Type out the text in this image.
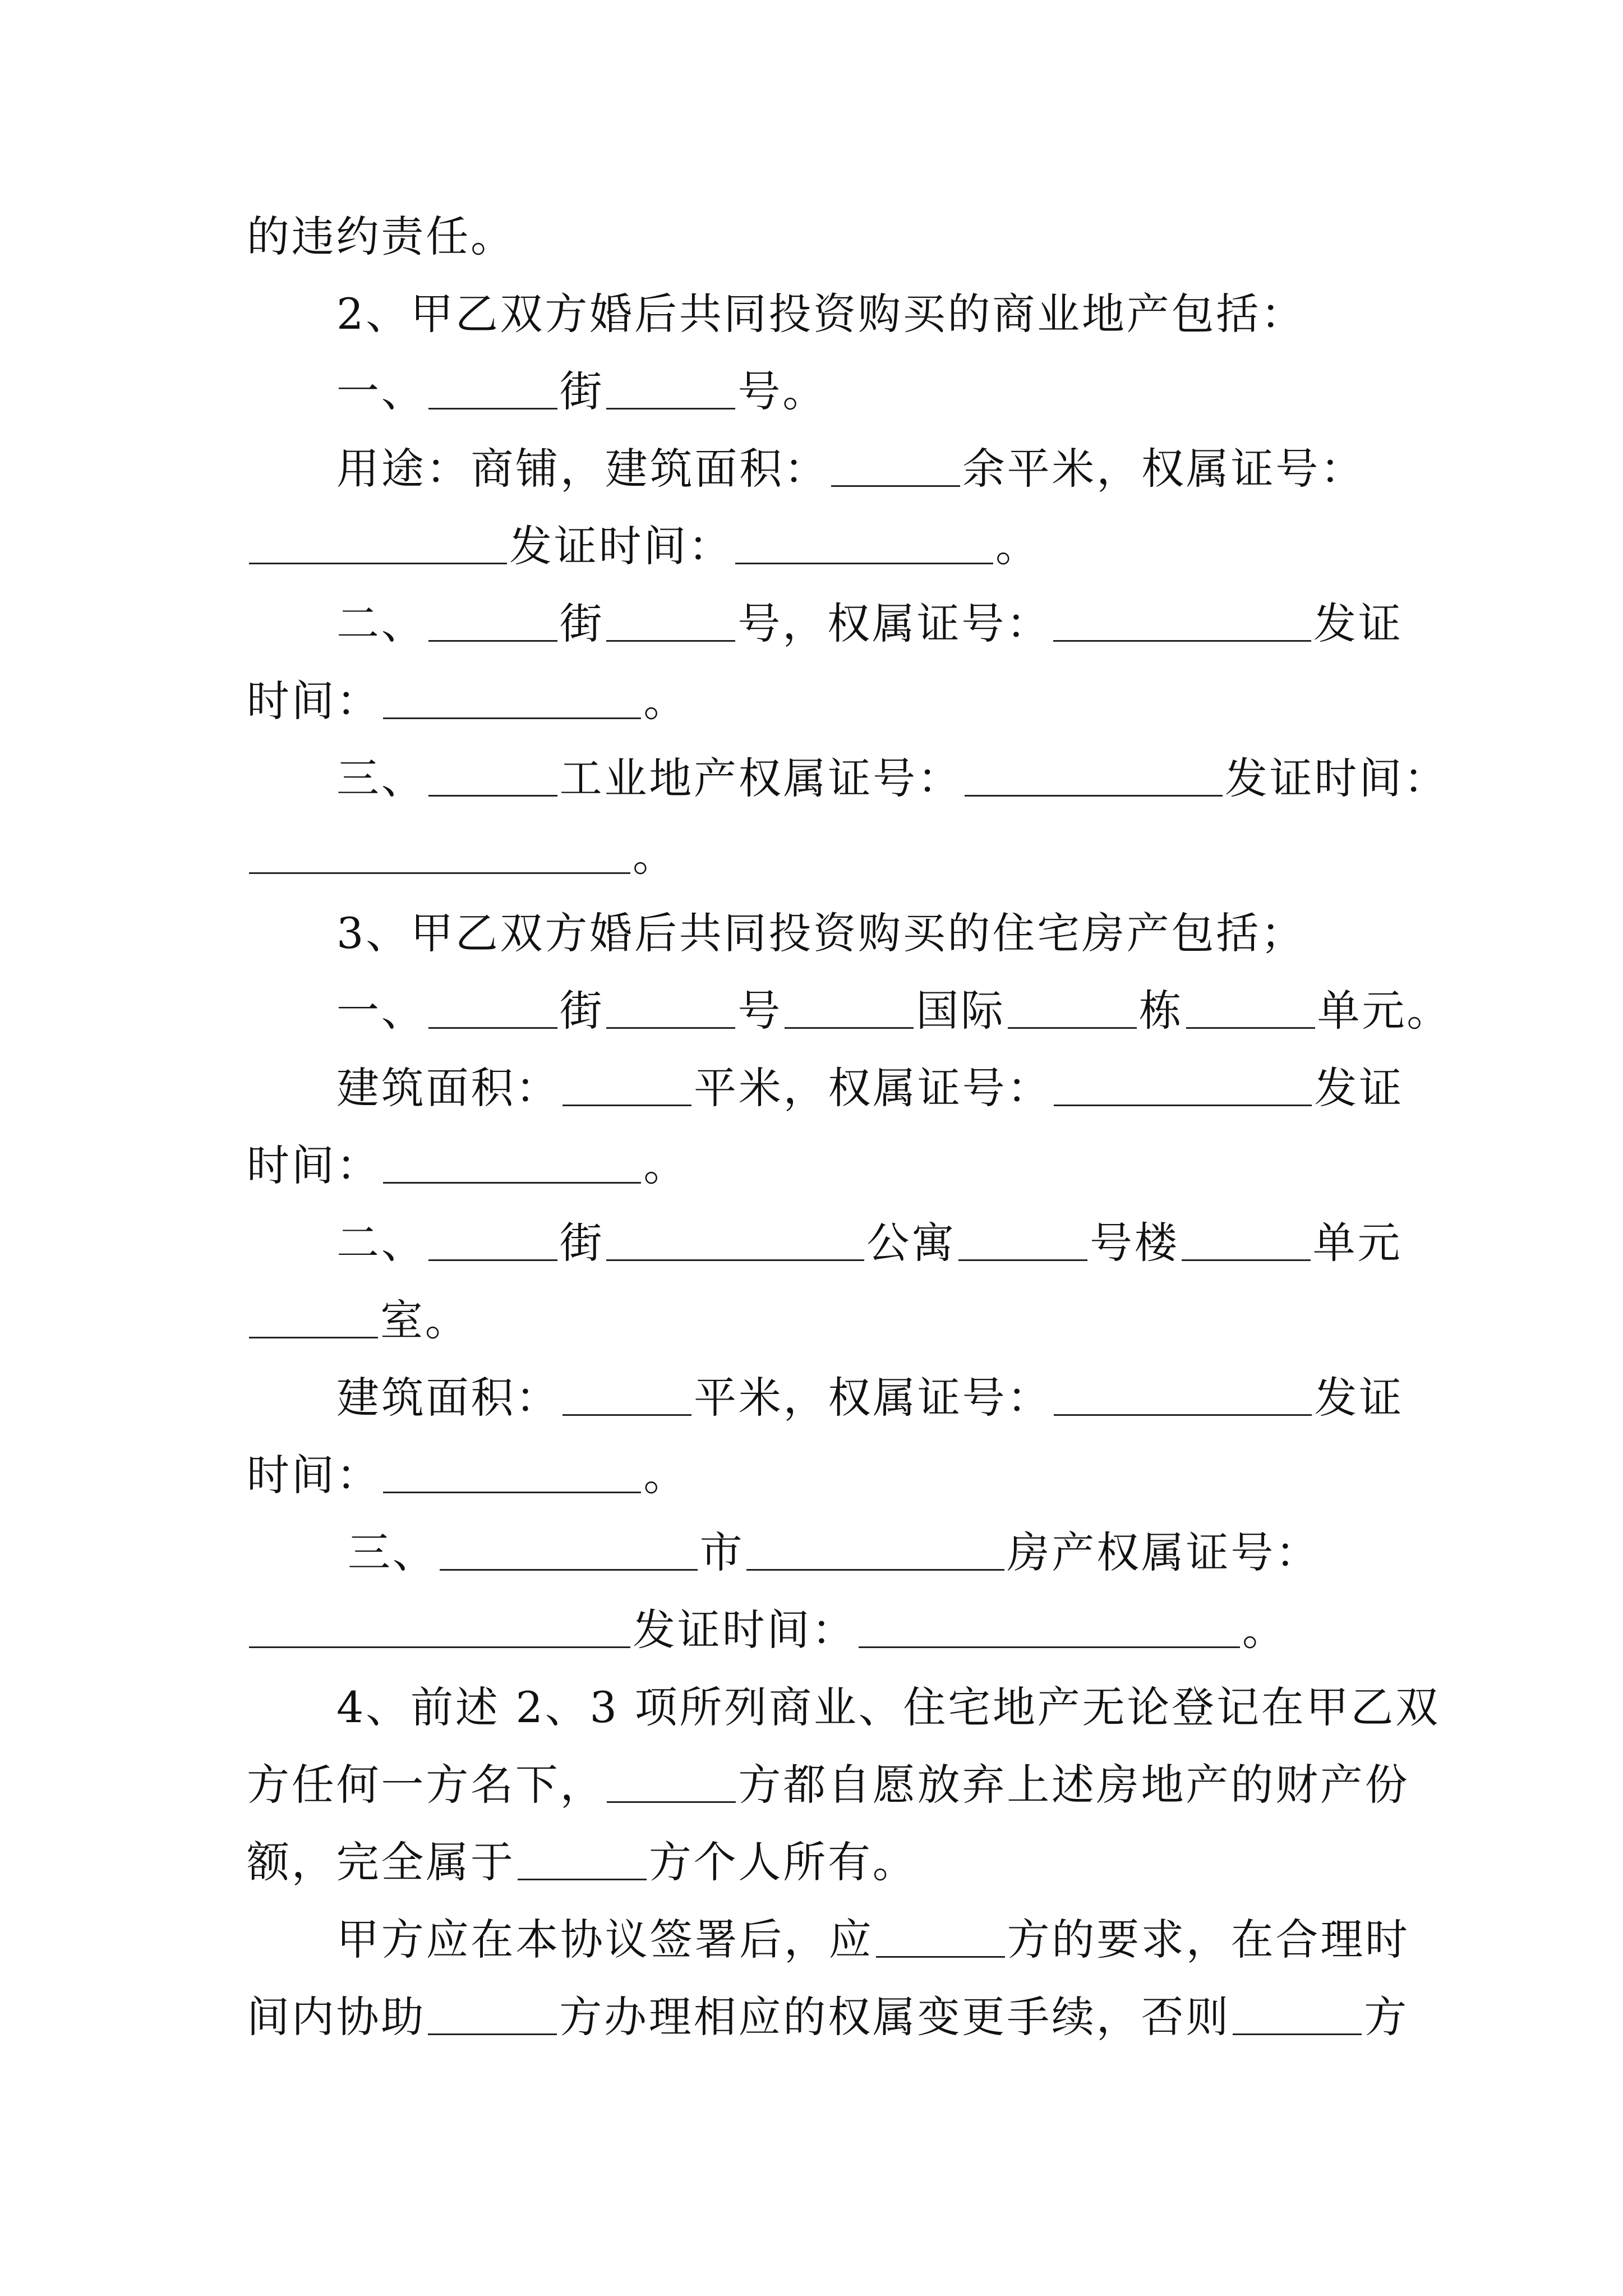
的违约责任。
2、甲乙双方婚后共同投资购买的商业地产包括：
一、	街	号。
用途：商铺，建筑面积：	余平米，权属证号：
发证时间：	。
二、	街	号，权属证号：	发证
时间：	。
三、	工业地产权属证号：	发证时间：
。
3、甲乙双方婚后共同投资购买的住宅房产包括；
一、	街	号	国际	栋	单元。
建筑面积：	平米，权属证号：	发证
时间：	。
二、	街	公寓	号楼	单元
室。
建筑面积：	平米，权属证号：	发证
时间：	。
三、	市	房产权属证号：
发证时间：	。
4、前述 2、3 项所列商业、住宅地产无论登记在甲乙双
方任何一方名下，	方都自愿放弃上述房地产的财产份
额，完全属于	方个人所有。
甲方应在本协议签署后，应	方的要求，在合理时
间内协助	方办理相应的权属变更手续，否则	方
